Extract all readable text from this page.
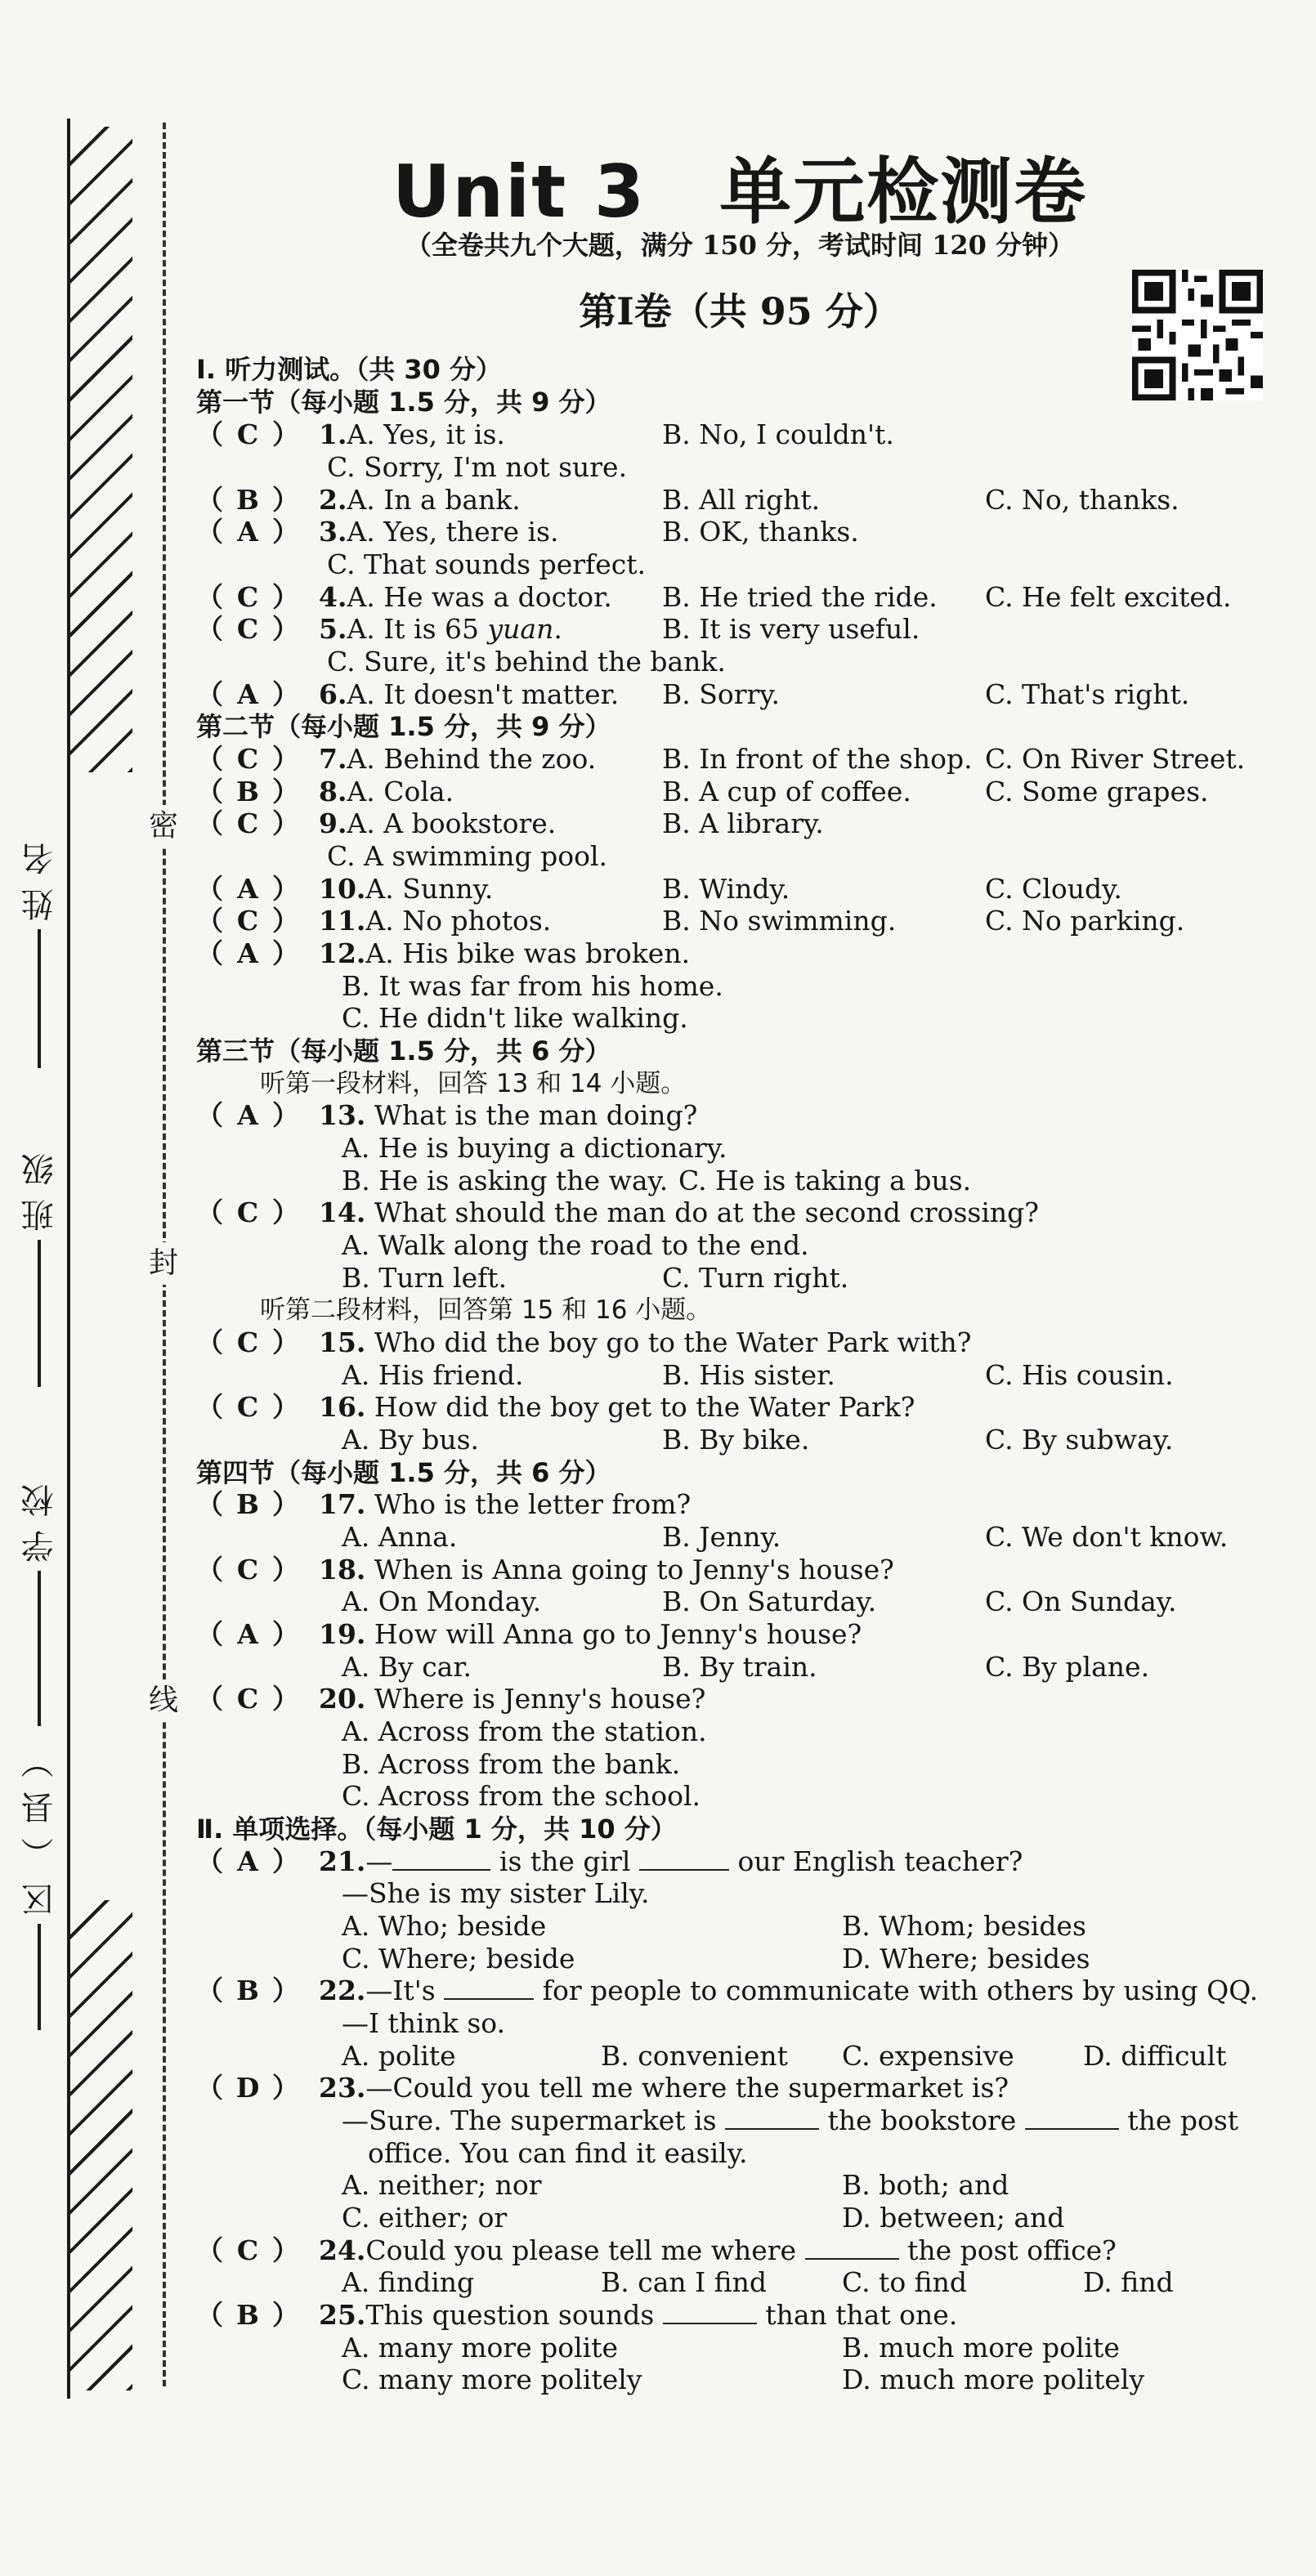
密
封
线
姓名
班级
学校
区（县）
Unit 3　单元检测卷
（全卷共九个大题，满分 150 分，考试时间 120 分钟）
第Ⅰ卷（共 95 分）
Ⅰ. 听力测试。（共 30 分）
第一节（每小题 1.5 分，共 9 分）
（ C ） 1.A. Yes, it is.	B. No, I couldn't.
C. Sorry, I'm not sure.
（ B ） 2.A. In a bank.	B. All right.	C. No, thanks.
（ A ） 3.A. Yes, there is.	B. OK, thanks.
C. That sounds perfect.
（ C ） 4.A. He was a doctor. B. He tried the ride. C. He felt excited.
（ C ） 5.A. It is 65 yuan.	B. It is very useful.
C. Sure, it's behind the bank.
（ A ） 6.A. It doesn't matter. B. Sorry.	C. That's right.
第二节（每小题 1.5 分，共 9 分）
（ C ） 7.A. Behind the zoo. B. In front of the shop. C. On River Street.
（ B ） 8.A. Cola.	B. A cup of coffee.	C. Some grapes.
（ C ） 9.A. A bookstore.	B. A library.
C. A swimming pool.
（ A ） 10.A. Sunny.	B. Windy.	C. Cloudy.
（ C ） 11.A. No photos.	B. No swimming.	C. No parking.
（ A ） 12.A. His bike was broken.
B. It was far from his home.
C. He didn't like walking.
第三节（每小题 1.5 分，共 6 分）
听第一段材料，回答 13 和 14 小题。
（ A ） 13. What is the man doing?
A. He is buying a dictionary.
B. He is asking the way. C. He is taking a bus.
（ C ） 14. What should the man do at the second crossing?
A. Walk along the road to the end.
B. Turn left.	C. Turn right.
听第二段材料，回答第 15 和 16 小题。
（ C ） 15. Who did the boy go to the Water Park with?
A. His friend.	B. His sister.	C. His cousin.
（ C ） 16. How did the boy get to the Water Park?
A. By bus.	B. By bike.	C. By subway.
第四节（每小题 1.5 分，共 6 分）
（ B ） 17. Who is the letter from?
A. Anna.	B. Jenny.	C. We don't know.
（ C ） 18. When is Anna going to Jenny's house?
A. On Monday.	B. On Saturday.	C. On Sunday.
（ A ） 19. How will Anna go to Jenny's house?
A. By car.	B. By train.	C. By plane.
（ C ） 20. Where is Jenny's house?
A. Across from the station.
B. Across from the bank.
C. Across from the school.
Ⅱ. 单项选择。（每小题 1 分，共 10 分）
（ A ） 21.—	is the girl	our English teacher?
—She is my sister Lily.
A. Who; beside	B. Whom; besides
C. Where; beside	D. Where; besides
（ B ） 22.—It's	for people to communicate with others by using QQ.
—I think so.
A. polite	B. convenient C. expensive	D. difficult
（ D ） 23.—Could you tell me where the supermarket is?
—Sure. The supermarket is	the bookstore	the post
office. You can find it easily.
A. neither; nor	B. both; and
C. either; or	D. between; and
（ C ） 24.Could you please tell me where	the post office?
A. finding	B. can I find	C. to find	D. find
（ B ） 25.This question sounds	than that one.
A. many more polite	B. much more polite
C. many more politely	D. much more politely
